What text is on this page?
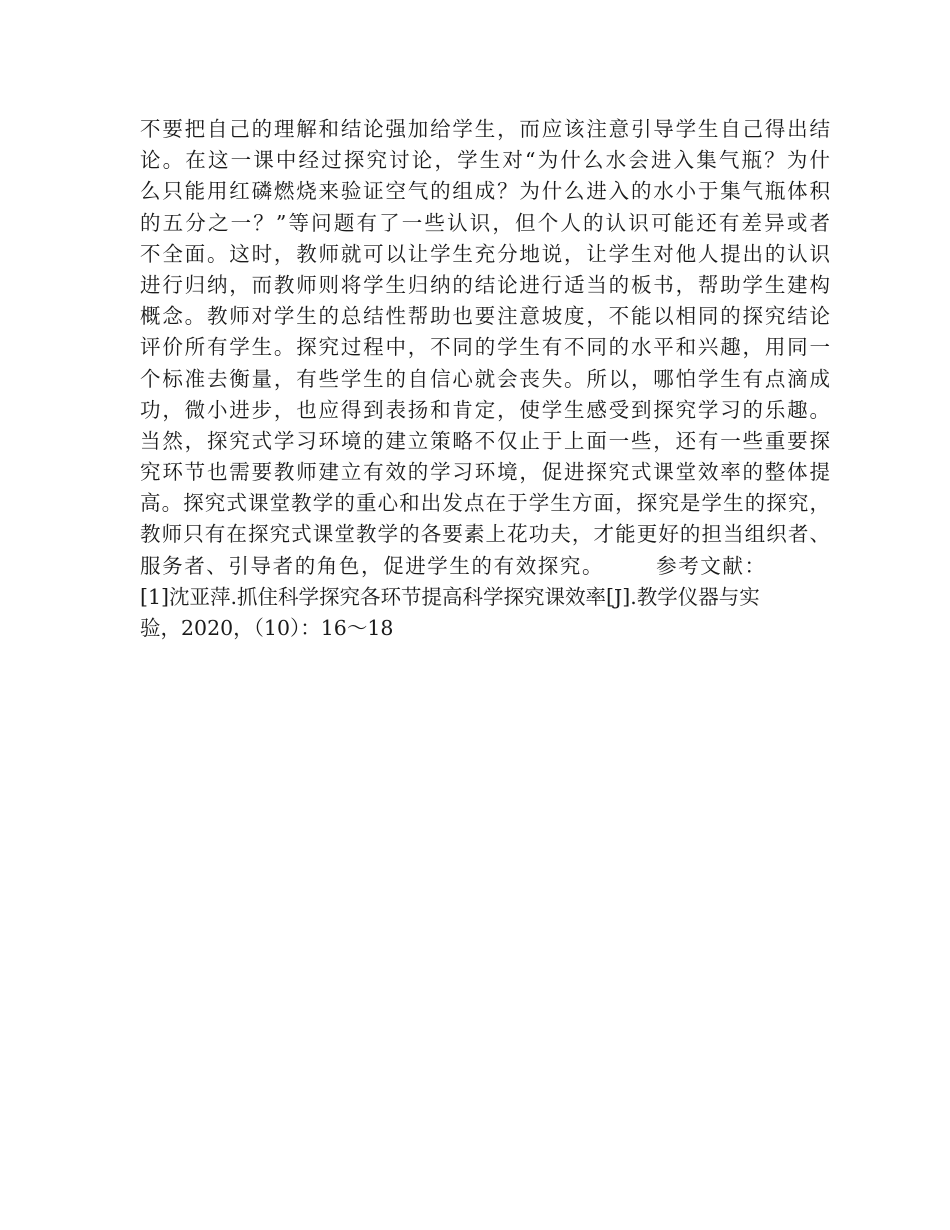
不要把自己的理解和结论强加给学生，而应该注意引导学生自己得出结
论。在这一课中经过探究讨论，学生对“为什么水会进入集气瓶？为什
么只能用红磷燃烧来验证空气的组成？为什么进入的水小于集气瓶体积
的五分之一？”等问题有了一些认识，但个人的认识可能还有差异或者
不全面。这时，教师就可以让学生充分地说，让学生对他人提出的认识
进行归纳，而教师则将学生归纳的结论进行适当的板书，帮助学生建构
概念。教师对学生的总结性帮助也要注意坡度，不能以相同的探究结论
评价所有学生。探究过程中，不同的学生有不同的水平和兴趣，用同一
个标准去衡量，有些学生的自信心就会丧失。所以，哪怕学生有点滴成
功，微小进步，也应得到表扬和肯定，使学生感受到探究学习的乐趣。
当然，探究式学习环境的建立策略不仅止于上面一些，还有一些重要探
究环节也需要教师建立有效的学习环境，促进探究式课堂效率的整体提
高。探究式课堂教学的重心和出发点在于学生方面，探究是学生的探究，
教师只有在探究式课堂教学的各要素上花功夫，才能更好的担当组织者、
服务者、引导者的角色，促进学生的有效探究。	参考文献：
[1]沈亚萍.抓住科学探究各环节提高科学探究课效率[J].教学仪器与实
验，2020，（10）：16～18
